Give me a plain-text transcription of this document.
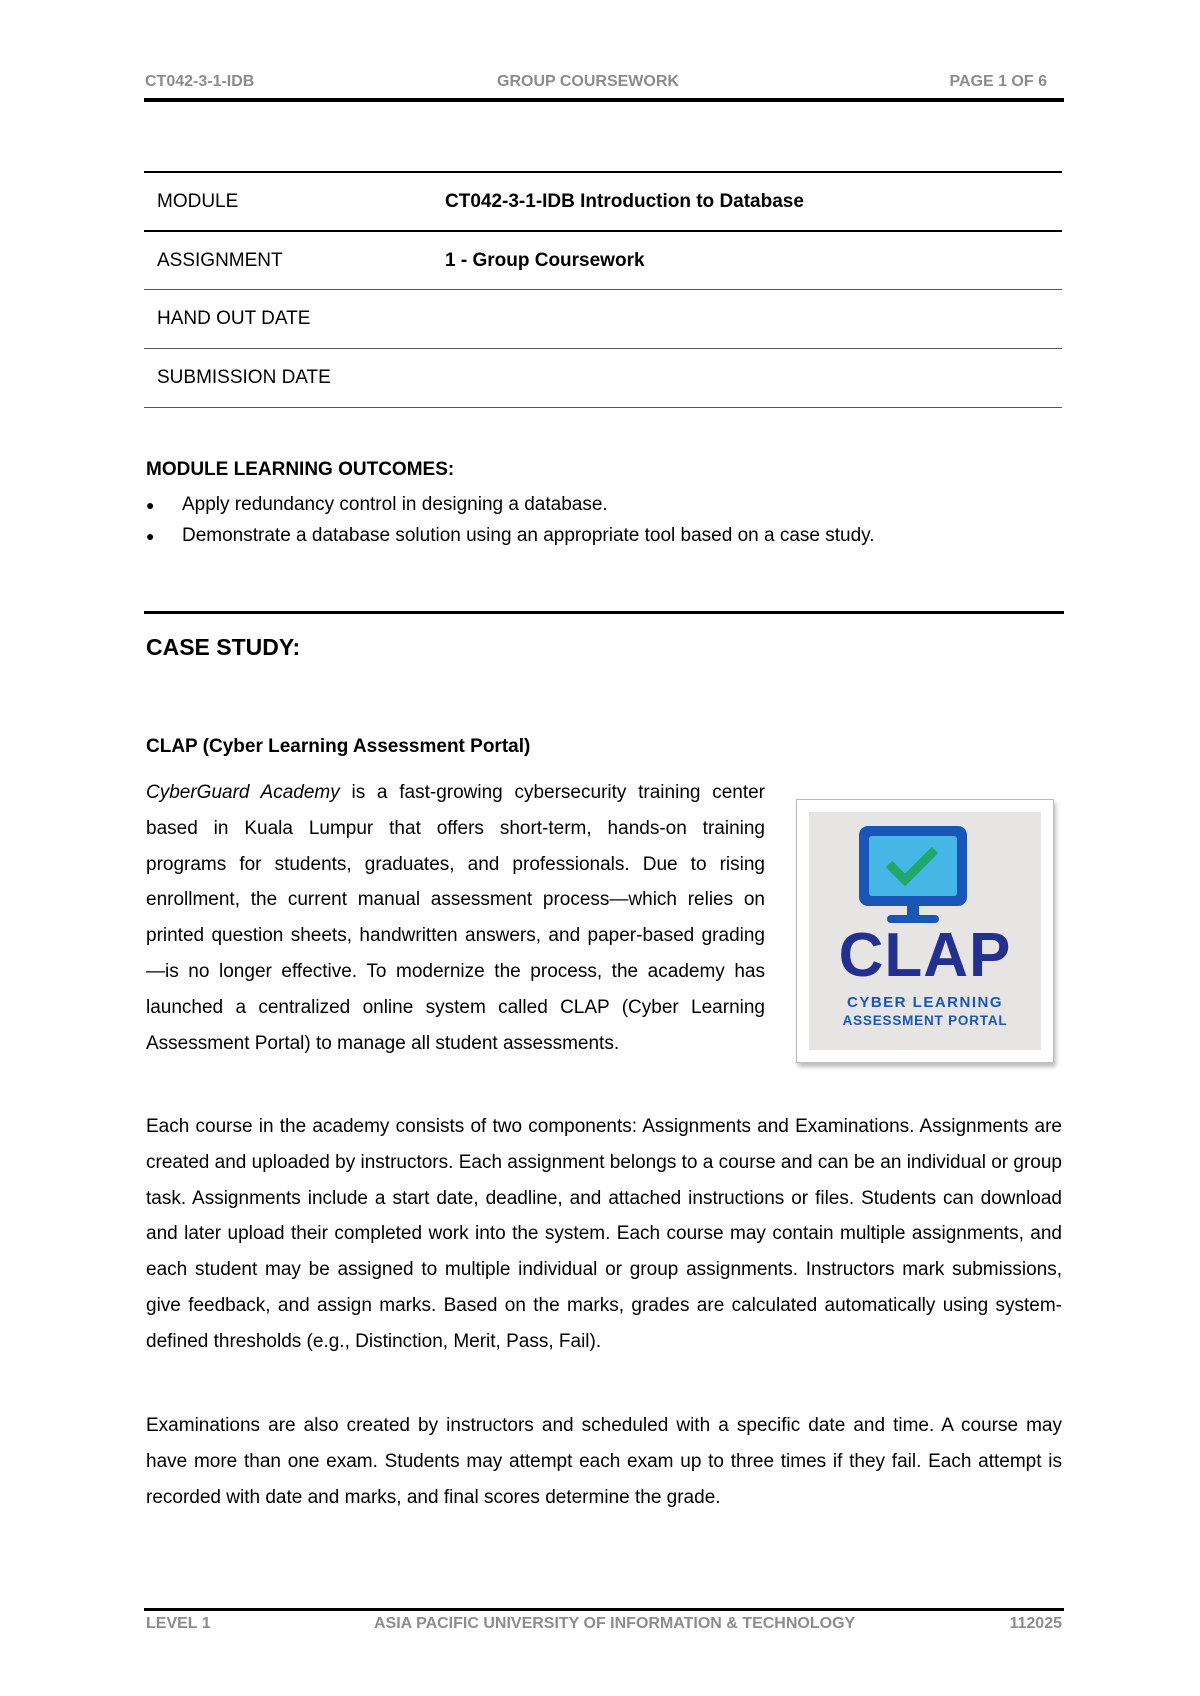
CT042-3-1-IDB	GROUP COURSEWORK	PAGE 1 OF 6
MODULE	CT042-3-1-IDB Introduction to Database
ASSIGNMENT	1 - Group Coursework
HAND OUT DATE
SUBMISSION DATE
MODULE LEARNING OUTCOMES:
●	Apply redundancy control in designing a database.
●	Demonstrate a database solution using an appropriate tool based on a case study.
CASE STUDY:
CLAP (Cyber Learning Assessment Portal)

CyberGuard Academy is a fast-growing cybersecurity training center based in Kuala Lumpur that offers short-term, hands-on training programs for students, graduates, and professionals. Due to rising enrollment, the current manual assessment process—which relies on printed question sheets, handwritten answers, and paper-based grading—is no longer effective. To modernize the process, the academy has launched a centralized online system called CLAP (Cyber Learning Assessment Portal) to manage all student assessments.

CLAP
CYBER LEARNING
ASSESSMENT PORTAL

Each course in the academy consists of two components: Assignments and Examinations. Assignments are created and uploaded by instructors. Each assignment belongs to a course and can be an individual or group task. Assignments include a start date, deadline, and attached instructions or files. Students can download and later upload their completed work into the system. Each course may contain multiple assignments, and each student may be assigned to multiple individual or group assignments. Instructors mark submissions, give feedback, and assign marks. Based on the marks, grades are calculated automatically using system-defined thresholds (e.g., Distinction, Merit, Pass, Fail).

Examinations are also created by instructors and scheduled with a specific date and time. A course may have more than one exam. Students may attempt each exam up to three times if they fail. Each attempt is recorded with date and marks, and final scores determine the grade.

LEVEL 1	ASIA PACIFIC UNIVERSITY OF INFORMATION & TECHNOLOGY	112025
